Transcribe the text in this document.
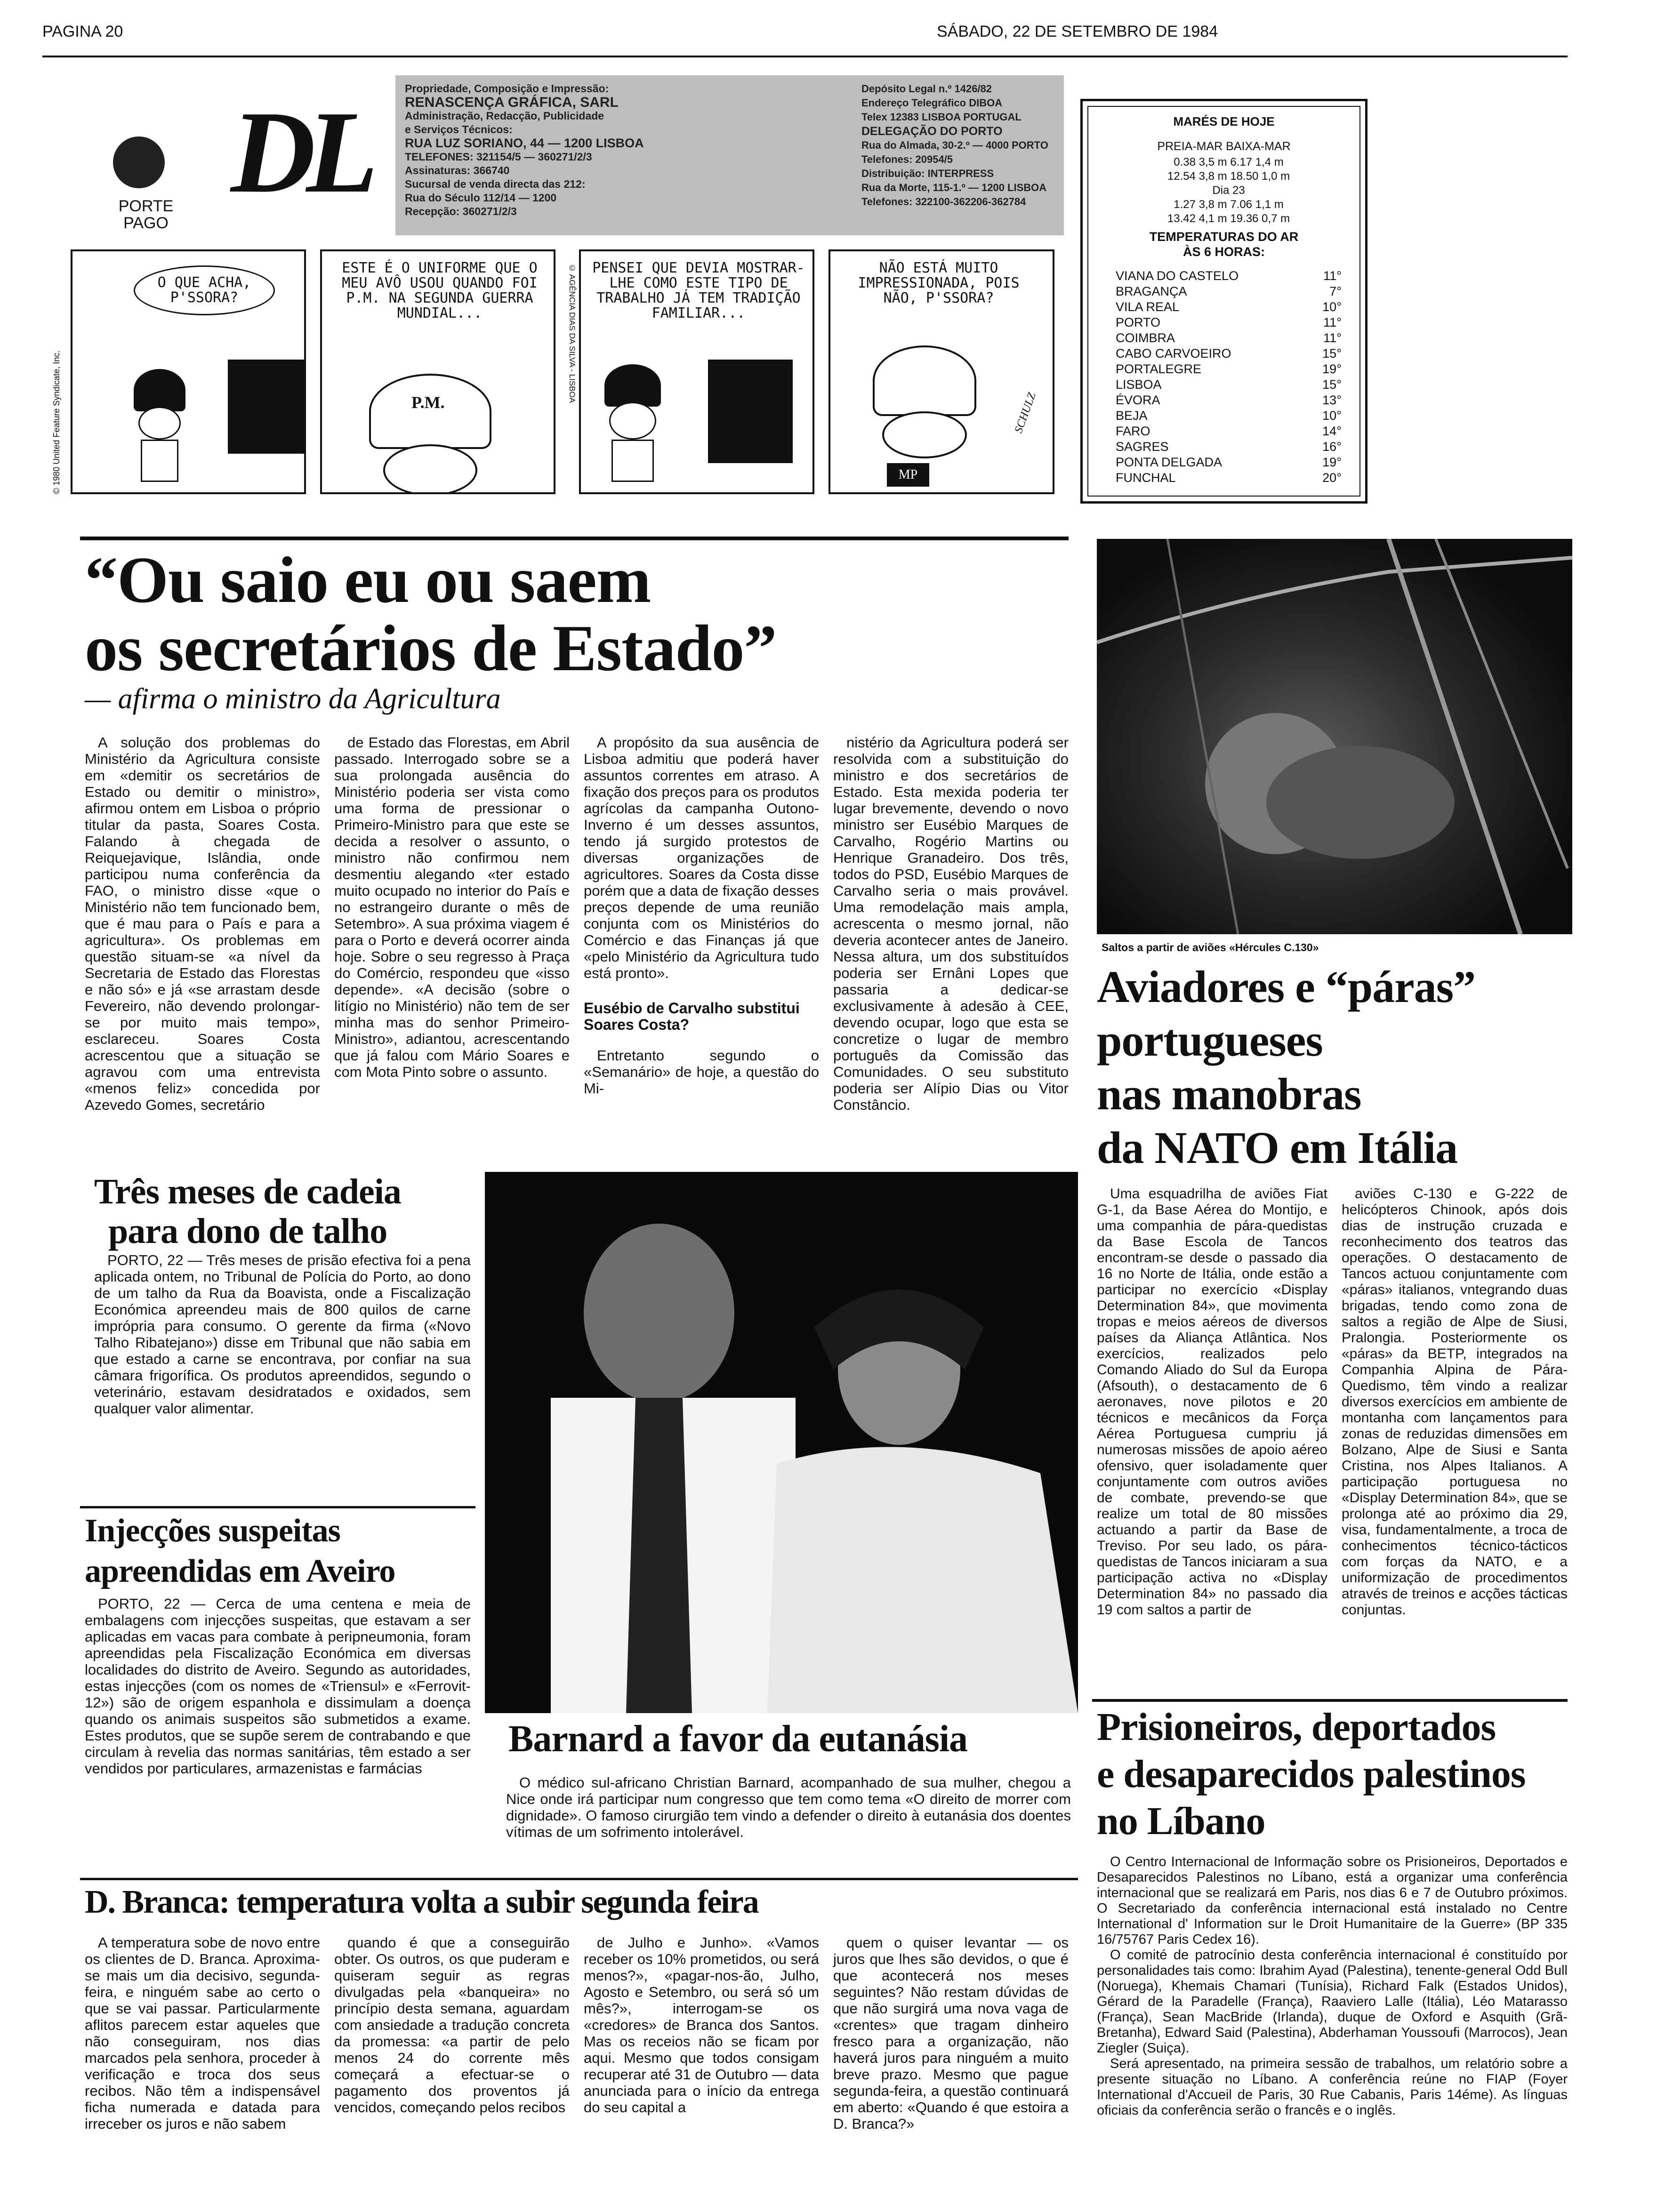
PAGINA 20	SÁBADO, 22 DE SETEMBRO DE 1984
PORTE
PAGO
DL	Propriedade, Composição e Impressão:
RENASCENÇA GRÁFICA, SARL
Administração, Redacção, Publicidade
e Serviços Técnicos:
RUA LUZ SORIANO, 44 — 1200 LISBOA
TELEFONES: 321154/5 — 360271/2/3
Assinaturas: 366740
Sucursal de venda directa das 212:
Rua do Século 112/14 — 1200
Recepção: 360271/2/3
Depósito Legal n.º 1426/82
Endereço Telegráfico DIBOA
Telex 12383 LISBOA PORTUGAL
DELEGAÇÃO DO PORTO
Rua do Almada, 30-2.º — 4000 PORTO
Telefones: 20954/5
Distribuição: INTERPRESS
Rua da Morte, 115-1.º — 1200 LISBOA
Telefones: 322100-362206-362784
© 1980 United Feature Syndicate, Inc.
O QUE ACHA, P'SSORA?
ESTE É O UNIFORME QUE O MEU AVÔ USOU QUANDO FOI P.M. NA SEGUNDA GUERRA MUNDIAL...
P.M.	© AGÊNCIA DIAS DA SILVA - LISBOA PENSEI QUE DEVIA MOSTRAR-LHE COMO ESTE TIPO DE TRABALHO JÁ TEM TRADIÇÃO FAMILIAR...
NÃO ESTÁ MUITO IMPRESSIONADA, POIS NÃO, P'SSORA?
MP
SCHULZ
MARÉS DE HOJE
PREIA-MAR BAIXA-MAR
0.38 3,5 m 6.17 1,4 m
12.54 3,8 m 18.50 1,0 m
Dia 23
1.27 3,8 m 7.06 1,1 m
13.42 4,1 m 19.36 0,7 m
TEMPERATURAS DO AR
ÀS 6 HORAS:
VIANA DO CASTELO	11°
BRAGANÇA	7°
VILA REAL	10°
PORTO	11°
COIMBRA	11°
CABO CARVOEIRO	15°
PORTALEGRE	19°
LISBOA	15°
ÉVORA	13°
BEJA	10°
FARO	14°
SAGRES	16°
PONTA DELGADA	19°
FUNCHAL	20°
“Ou saio eu ou saem
os secretários de Estado”
— afirma o ministro da Agricultura

A solução dos problemas do Ministério da Agricultura consiste em «demitir os secretários de Estado ou demitir o ministro», afirmou ontem em Lisboa o próprio titular da pasta, Soares Costa. Falando à chegada de Reiquejavique, Islândia, onde participou numa conferência da FAO, o ministro disse «que o Ministério não tem funcionado bem, que é mau para o País e para a agricultura». Os problemas em questão situam-se «a nível da Secretaria de Estado das Florestas e não só» e já «se arrastam desde Fevereiro, não devendo prolongar-se por muito mais tempo», esclareceu. Soares Costa acrescentou que a situação se agravou com uma entrevista «menos feliz» concedida por Azevedo Gomes, secretário

de Estado das Florestas, em Abril passado. Interrogado sobre se a sua prolongada ausência do Ministério poderia ser vista como uma forma de pressionar o Primeiro-Ministro para que este se decida a resolver o assunto, o ministro não confirmou nem desmentiu alegando «ter estado muito ocupado no interior do País e no estrangeiro durante o mês de Setembro». A sua próxima viagem é para o Porto e deverá ocorrer ainda hoje. Sobre o seu regresso à Praça do Comércio, respondeu que «isso depende». «A decisão (sobre o litígio no Ministério) não tem de ser minha mas do senhor Primeiro-Ministro», adiantou, acrescentando que já falou com Mário Soares e com Mota Pinto sobre o assunto.

A propósito da sua ausência de Lisboa admitiu que poderá haver assuntos correntes em atraso. A fixação dos preços para os produtos agrícolas da campanha Outono-Inverno é um desses assuntos, tendo já surgido protestos de diversas organizações de agricultores. Soares da Costa disse porém que a data de fixação desses preços depende de uma reunião conjunta com os Ministérios do Comércio e das Finanças já que «pelo Ministério da Agricultura tudo está pronto».

Eusébio de Carvalho substitui Soares Costa?

Entretanto segundo o «Semanário» de hoje, a questão do Mi-

nistério da Agricultura poderá ser resolvida com a substituição do ministro e dos secretários de Estado. Esta mexida poderia ter lugar brevemente, devendo o novo ministro ser Eusébio Marques de Carvalho, Rogério Martins ou Henrique Granadeiro. Dos três, todos do PSD, Eusébio Marques de Carvalho seria o mais provável. Uma remodelação mais ampla, acrescenta o mesmo jornal, não deveria acontecer antes de Janeiro. Nessa altura, um dos substituídos poderia ser Ernâni Lopes que passaria a dedicar-se exclusivamente à adesão à CEE, devendo ocupar, logo que esta se concretize o lugar de membro português da Comissão das Comunidades. O seu substituto poderia ser Alípio Dias ou Vitor Constâncio.

Saltos a partir de aviões «Hércules C.130»
Aviadores e “páras”
portugueses
nas manobras
da NATO em Itália

Uma esquadrilha de aviões Fiat G-1, da Base Aérea do Montijo, e uma companhia de pára-quedistas da Base Escola de Tancos encontram-se desde o passado dia 16 no Norte de Itália, onde estão a participar no exercício «Display Determination 84», que movimenta tropas e meios aéreos de diversos países da Aliança Atlântica. Nos exercícios, realizados pelo Comando Aliado do Sul da Europa (Afsouth), o destacamento de 6 aeronaves, nove pilotos e 20 técnicos e mecânicos da Força Aérea Portuguesa cumpriu já numerosas missões de apoio aéreo ofensivo, quer isoladamente quer conjuntamente com outros aviões de combate, prevendo-se que realize um total de 80 missões actuando a partir da Base de Treviso. Por seu lado, os pára-quedistas de Tancos iniciaram a sua participação activa no «Display Determination 84» no passado dia 19 com saltos a partir de

aviões C-130 e G-222 de helicópteros Chinook, após dois dias de instrução cruzada e reconhecimento dos teatros das operações. O destacamento de Tancos actuou conjuntamente com «páras» italianos, vntegrando duas brigadas, tendo como zona de saltos a região de Alpe de Siusi, Pralongia. Posteriormente os «páras» da BETP, integrados na Companhia Alpina de Pára-Quedismo, têm vindo a realizar diversos exercícios em ambiente de montanha com lançamentos para zonas de reduzidas dimensões em Bolzano, Alpe de Siusi e Santa Cristina, nos Alpes Italianos. A participação portuguesa no «Display Determination 84», que se prolonga até ao próximo dia 29, visa, fundamentalmente, a troca de conhecimentos técnico-tácticos com forças da NATO, e a uniformização de procedimentos através de treinos e acções tácticas conjuntas.

Três meses de cadeia
para dono de talho

PORTO, 22 — Três meses de prisão efectiva foi a pena aplicada ontem, no Tribunal de Polícia do Porto, ao dono de um talho da Rua da Boavista, onde a Fiscalização Económica apreendeu mais de 800 quilos de carne imprópria para consumo. O gerente da firma («Novo Talho Ribatejano») disse em Tribunal que não sabia em que estado a carne se encontrava, por confiar na sua câmara frigorífica. Os produtos apreendidos, segundo o veterinário, estavam desidratados e oxidados, sem qualquer valor alimentar.

Barnard a favor da eutanásia

O médico sul-africano Christian Barnard, acompanhado de sua mulher, chegou a Nice onde irá participar num congresso que tem como tema «O direito de morrer com dignidade». O famoso cirurgião tem vindo a defender o direito à eutanásia dos doentes vítimas de um sofrimento intolerável.

Injecções suspeitas
apreendidas em Aveiro

PORTO, 22 — Cerca de uma centena e meia de embalagens com injecções suspeitas, que estavam a ser aplicadas em vacas para combate à peripneumonia, foram apreendidas pela Fiscalização Económica em diversas localidades do distrito de Aveiro. Segundo as autoridades, estas injecções (com os nomes de «Triensul» e «Ferrovit-12») são de origem espanhola e dissimulam a doença quando os animais suspeitos são submetidos a exame. Estes produtos, que se supõe serem de contrabando e que circulam à revelia das normas sanitárias, têm estado a ser vendidos por particulares, armazenistas e farmácias

Prisioneiros, deportados
e desaparecidos palestinos
no Líbano

O Centro Internacional de Informação sobre os Prisioneiros, Deportados e Desaparecidos Palestinos no Líbano, está a organizar uma conferência internacional que se realizará em Paris, nos dias 6 e 7 de Outubro próximos. O Secretariado da conferência internacional está instalado no Centre International d' Information sur le Droit Humanitaire de la Guerre» (BP 335 16/75767 Paris Cedex 16).

O comité de patrocínio desta conferência internacional é constituído por personalidades tais como: Ibrahim Ayad (Palestina), tenente-general Odd Bull (Noruega), Khemais Chamari (Tunísia), Richard Falk (Estados Unidos), Gérard de la Paradelle (França), Raaviero Lalle (Itália), Léo Matarasso (França), Sean MacBride (Irlanda), duque de Oxford e Asquith (Grã-Bretanha), Edward Said (Palestina), Abderhaman Youssoufi (Marrocos), Jean Ziegler (Suiça).

Será apresentado, na primeira sessão de trabalhos, um relatório sobre a presente situação no Líbano. A conferência reúne no FIAP (Foyer International d'Accueil de Paris, 30 Rue Cabanis, Paris 14éme). As línguas oficiais da conferência serão o francês e o inglês.

D. Branca: temperatura volta a subir segunda feira

A temperatura sobe de novo entre os clientes de D. Branca. Aproxima-se mais um dia decisivo, segunda-feira, e ninguém sabe ao certo o que se vai passar. Particularmente aflitos parecem estar aqueles que não conseguiram, nos dias marcados pela senhora, proceder à verificação e troca dos seus recibos. Não têm a indispensável ficha numerada e datada para irreceber os juros e não sabem

quando é que a conseguirão obter. Os outros, os que puderam e quiseram seguir as regras divulgadas pela «banqueira» no princípio desta semana, aguardam com ansiedade a tradução concreta da promessa: «a partir de pelo menos 24 do corrente mês começará a efectuar-se o pagamento dos proventos já vencidos, começando pelos recibos

de Julho e Junho». «Vamos receber os 10% prometidos, ou será menos?», «pagar-nos-ão, Julho, Agosto e Setembro, ou será só um mês?», interrogam-se os «credores» de Branca dos Santos. Mas os receios não se ficam por aqui. Mesmo que todos consigam recuperar até 31 de Outubro — data anunciada para o início da entrega do seu capital a

quem o quiser levantar — os juros que lhes são devidos, o que é que acontecerá nos meses seguintes? Não restam dúvidas de que não surgirá uma nova vaga de «crentes» que tragam dinheiro fresco para a organização, não haverá juros para ninguém a muito breve prazo. Mesmo que pague segunda-feira, a questão continuará em aberto: «Quando é que estoira a D. Branca?»
